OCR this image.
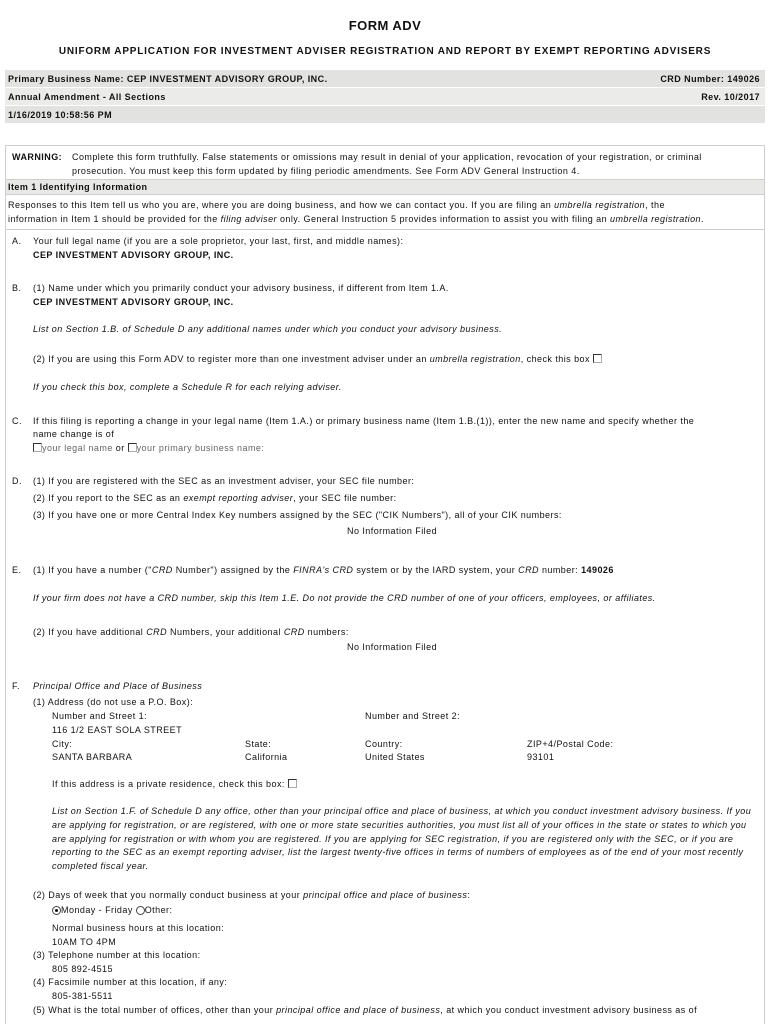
FORM ADV
UNIFORM APPLICATION FOR INVESTMENT ADVISER REGISTRATION AND REPORT BY EXEMPT REPORTING ADVISERS
Primary Business Name: CEP INVESTMENT ADVISORY GROUP, INC.	CRD Number: 149026
Annual Amendment - All Sections	Rev. 10/2017
1/16/2019 10:58:56 PM
WARNING: Complete this form truthfully. False statements or omissions may result in denial of your application, revocation of your registration, or criminal
prosecution. You must keep this form updated by filing periodic amendments. See Form ADV General Instruction 4.
Item 1 Identifying Information
Responses to this Item tell us who you are, where you are doing business, and how we can contact you. If you are filing an umbrella registration, the
information in Item 1 should be provided for the filing adviser only. General Instruction 5 provides information to assist you with filing an umbrella registration.
A. Your full legal name (if you are a sole proprietor, your last, first, and middle names):
CEP INVESTMENT ADVISORY GROUP, INC.
B. (1) Name under which you primarily conduct your advisory business, if different from Item 1.A.
CEP INVESTMENT ADVISORY GROUP, INC.
List on Section 1.B. of Schedule D any additional names under which you conduct your advisory business.
(2) If you are using this Form ADV to register more than one investment adviser under an umbrella registration, check this box
If you check this box, complete a Schedule R for each relying adviser.
C. If this filing is reporting a change in your legal name (Item 1.A.) or primary business name (Item 1.B.(1)), enter the new name and specify whether the
name change is of
your legal name or your primary business name:
D. (1) If you are registered with the SEC as an investment adviser, your SEC file number:
(2) If you report to the SEC as an exempt reporting adviser, your SEC file number:
(3) If you have one or more Central Index Key numbers assigned by the SEC ("CIK Numbers"), all of your CIK numbers:
No Information Filed
E. (1) If you have a number ("CRD Number") assigned by the FINRA's CRD system or by the IARD system, your CRD number: 149026
If your firm does not have a CRD number, skip this Item 1.E. Do not provide the CRD number of one of your officers, employees, or affiliates.
(2) If you have additional CRD Numbers, your additional CRD numbers:
No Information Filed
F. Principal Office and Place of Business
(1) Address (do not use a P.O. Box):
Number and Street 1:	Number and Street 2:
116 1/2 EAST SOLA STREET
City:	State:	Country:	ZIP+4/Postal Code:
SANTA BARBARA	California	United States	93101
If this address is a private residence, check this box:
List on Section 1.F. of Schedule D any office, other than your principal office and place of business, at which you conduct investment advisory business. If you are applying for registration, or are registered, with one or more state securities authorities, you must list all of your offices in the state or states to which you are applying for registration or with whom you are registered. If you are applying for SEC registration, if you are registered only with the SEC, or if you are reporting to the SEC as an exempt reporting adviser, list the largest twenty-five offices in terms of numbers of employees as of the end of your most recently completed fiscal year.
(2) Days of week that you normally conduct business at your principal office and place of business:
Monday - Friday Other:
Normal business hours at this location:
10AM TO 4PM
(3) Telephone number at this location:
805 892-4515
(4) Facsimile number at this location, if any:
805-381-5511
(5) What is the total number of offices, other than your principal office and place of business, at which you conduct investment advisory business as of
